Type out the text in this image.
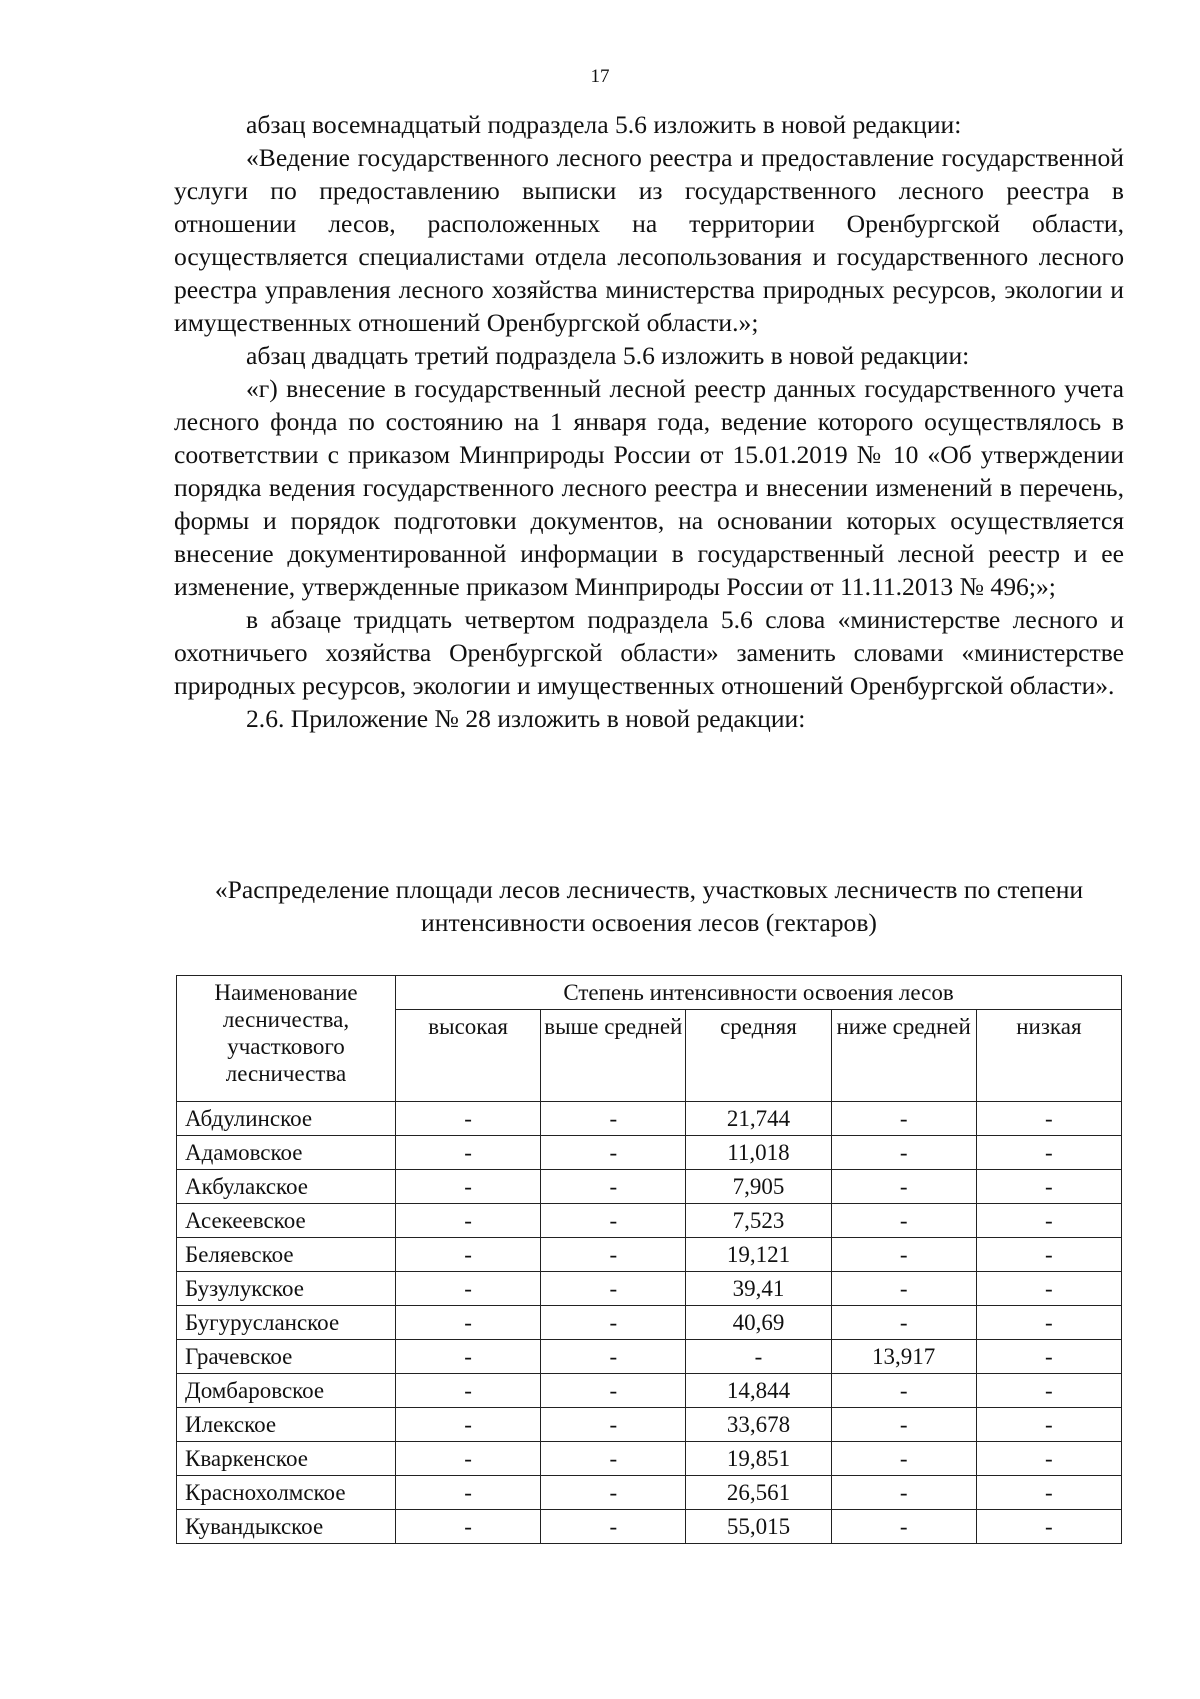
17

абзац восемнадцатый подраздела 5.6 изложить в новой редакции:

«Ведение государственного лесного реестра и предоставление государственной услуги по предоставлению выписки из государственного лесного реестра в отношении лесов, расположенных на территории Оренбургской области, осуществляется специалистами отдела лесопользования и государственного лесного реестра управления лесного хозяйства министерства природных ресурсов, экологии и имущественных отношений Оренбургской области.»;

абзац двадцать третий подраздела 5.6 изложить в новой редакции:

«г) внесение в государственный лесной реестр данных государственного учета лесного фонда по состоянию на 1 января года, ведение которого осуществлялось в соответствии с приказом Минприроды России от 15.01.2019 № 10 «Об утверждении порядка ведения государственного лесного реестра и внесении изменений в перечень, формы и порядок подготовки документов, на основании которых осуществляется внесение документированной информации в государственный лесной реестр и ее изменение, утвержденные приказом Минприроды России от 11.11.2013 № 496;»;

в абзаце тридцать четвертом подраздела 5.6 слова «министерстве лесного и охотничьего хозяйства Оренбургской области» заменить словами «министерстве природных ресурсов, экологии и имущественных отношений Оренбургской области».

2.6. Приложение № 28 изложить в новой редакции:

«Распределение площади лесов лесничеств, участковых лесничеств по степени интенсивности освоения лесов (гектаров)
Наименование лесничества, участкового лесничества	Степень интенсивности освоения лесов				
	высокая	выше средней	средняя	ниже средней	низкая
Абдулинское	-	-	21,744	-	-
Адамовское	-	-	11,018	-	-
Акбулакское	-	-	7,905	-	-
Асекеевское	-	-	7,523	-	-
Беляевское	-	-	19,121	-	-
Бузулукское	-	-	39,41	-	-
Бугурусланское	-	-	40,69	-	-
Грачевское	-	-	-	13,917	-
Домбаровское	-	-	14,844	-	-
Илекское	-	-	33,678	-	-
Кваркенское	-	-	19,851	-	-
Краснохолмское	-	-	26,561	-	-
Кувандыкское	-	-	55,015	-	-
